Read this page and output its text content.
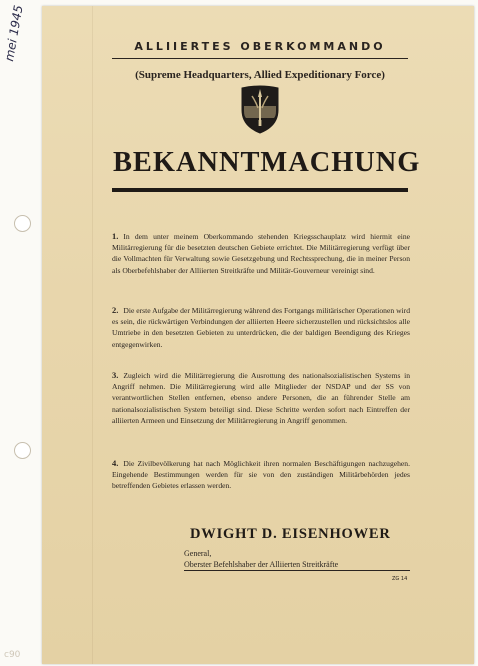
mei 1945
c90
ALLIIERTES OBERKOMMANDO
(Supreme Headquarters, Allied Expeditionary Force)
BEKANNTMACHUNG
1. In dem unter meinem Oberkommando stehenden Kriegsschauplatz wird hiermit eine Militärregierung für die besetzten deutschen Gebiete errichtet. Die Militärregierung verfügt über die Vollmachten für Verwaltung sowie Gesetzgebung und Rechtssprechung, die in meiner Person als Oberbefehlshaber der Alliierten Streitkräfte und Militär-Gouverneur vereinigt sind.
2. Die erste Aufgabe der Militärregierung während des Fortgangs militärischer Operationen wird es sein, die rückwärtigen Verbindungen der alliierten Heere sicherzustellen und rücksichtslos alle Umtriebe in den besetzten Gebieten zu unterdrücken, die der baldigen Beendigung des Krieges entgegenwirken.
3. Zugleich wird die Militärregierung die Ausrottung des nationalsozialistischen Systems in Angriff nehmen. Die Militärregierung wird alle Mitglieder der NSDAP und der SS von verantwortlichen Stellen entfernen, ebenso andere Personen, die an führender Stelle am nationalsozialistischen System beteiligt sind. Diese Schritte werden sofort nach Eintreffen der alliierten Armeen und Einsetzung der Militärregierung in Angriff genommen.
4. Die Zivilbevölkerung hat nach Möglichkeit ihren normalen Beschäftigungen nachzugehen. Eingehende Bestimmungen werden für sie von den zuständigen Militärbehörden jedes betreffenden Gebietes erlassen werden.
DWIGHT D. EISENHOWER
General,
Oberster Befehlshaber der Alliierten Streitkräfte
ZG 14
